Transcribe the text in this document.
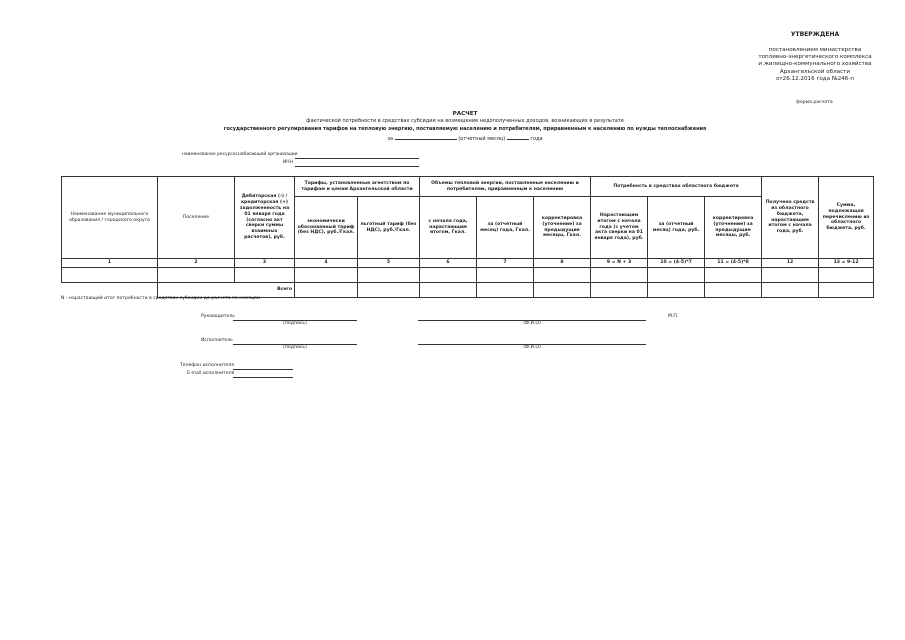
УТВЕРЖДЕНА
постановлением министерства
топливно-энергетического комплекса
и жилищно-коммунального хозяйства
Архангельской области
от26.12.2016 года №246-п
форма расчета
РАСЧЕТ
фактической потребности в средствах субсидии на возмещение недополученных доходов, возникающих в результате
государственного регулирования тарифов на тепловую энергию, поставляемую населению и потребителям, приравненным к населению по нужды теплоснабжения
за	(отчетный месяц)	года
наименование ресурсоснабжающей организации
ИНН
Наименование муниципального образования / городского округа	Поселение	Дебиторская (-) / кредиторская (+) задолженность на 01 января года (согласно акт сверки суммы взаимных расчетов), руб.	Тарифы, установленные агентством по тарифам и ценам Архангельской области		Объемы тепловой энергии, поставленные населению и потребителям, приравненным к населению			Потребность в средствах областного бюджета			Получено средств из областного бюджета, нарастающим итогом с начала года, руб.	Сумма, подлежащая перечислению из областного бюджета, руб.
			экономически обоснованный тариф (без НДС), руб./Гкал.	льготный тариф (без НДС), руб./Гкал.	с начала года, нарастающим итогом, Гкал.	за (отчетный месяц) года, Гкал.	корректировка (уточнение) за предыдущие месяцы, Гкал.	Нарастающим итогом с начала года (с учетом акта сверки на 01 января года), руб.	за (отчетный месяц) года, руб.	корректировка (уточнение) за предыдущие месяцы, руб.		
1	2	3	4	5	6	7	8	9 = N + 3	10 = (4-5)*7	11 = (4-5)*8	12	13 = 9-12

	Всего											
N - нарастающий итог потребности в средствах субсидии до расчета по месяцам
Руководитель
(подпись)	(Ф.И.О)
М.П.
Исполнитель
(подпись)	(Ф.И.О)
Телефон исполнителя
E-mail исполнителя
